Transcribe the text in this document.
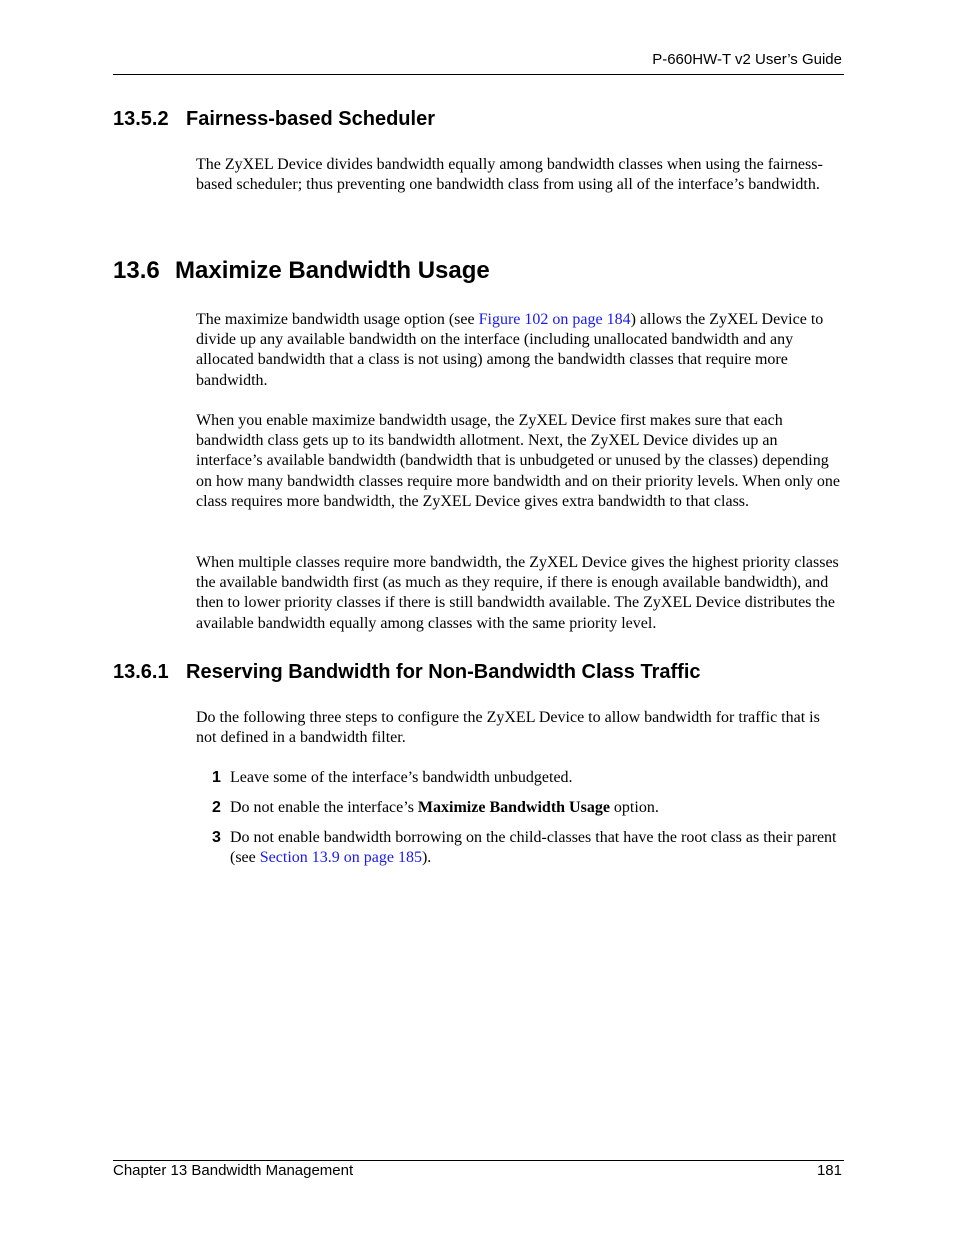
P-660HW-T v2 User’s Guide
13.5.2 Fairness-based Scheduler

The ZyXEL Device divides bandwidth equally among bandwidth classes when using the fairness-based scheduler; thus preventing one bandwidth class from using all of the interface’s bandwidth.

13.6 Maximize Bandwidth Usage

The maximize bandwidth usage option (see Figure 102 on page 184) allows the ZyXEL Device to divide up any available bandwidth on the interface (including unallocated bandwidth and any allocated bandwidth that a class is not using) among the bandwidth classes that require more bandwidth.

When you enable maximize bandwidth usage, the ZyXEL Device first makes sure that each bandwidth class gets up to its bandwidth allotment. Next, the ZyXEL Device divides up an interface’s available bandwidth (bandwidth that is unbudgeted or unused by the classes) depending on how many bandwidth classes require more bandwidth and on their priority levels. When only one class requires more bandwidth, the ZyXEL Device gives extra bandwidth to that class.

When multiple classes require more bandwidth, the ZyXEL Device gives the highest priority classes the available bandwidth first (as much as they require, if there is enough available bandwidth), and then to lower priority classes if there is still bandwidth available. The ZyXEL Device distributes the available bandwidth equally among classes with the same priority level.

13.6.1 Reserving Bandwidth for Non-Bandwidth Class Traffic

Do the following three steps to configure the ZyXEL Device to allow bandwidth for traffic that is not defined in a bandwidth filter.

1 Leave some of the interface’s bandwidth unbudgeted.
2 Do not enable the interface’s Maximize Bandwidth Usage option.
3 Do not enable bandwidth borrowing on the child-classes that have the root class as their parent (see Section 13.9 on page 185).
Chapter 13 Bandwidth Management	181
